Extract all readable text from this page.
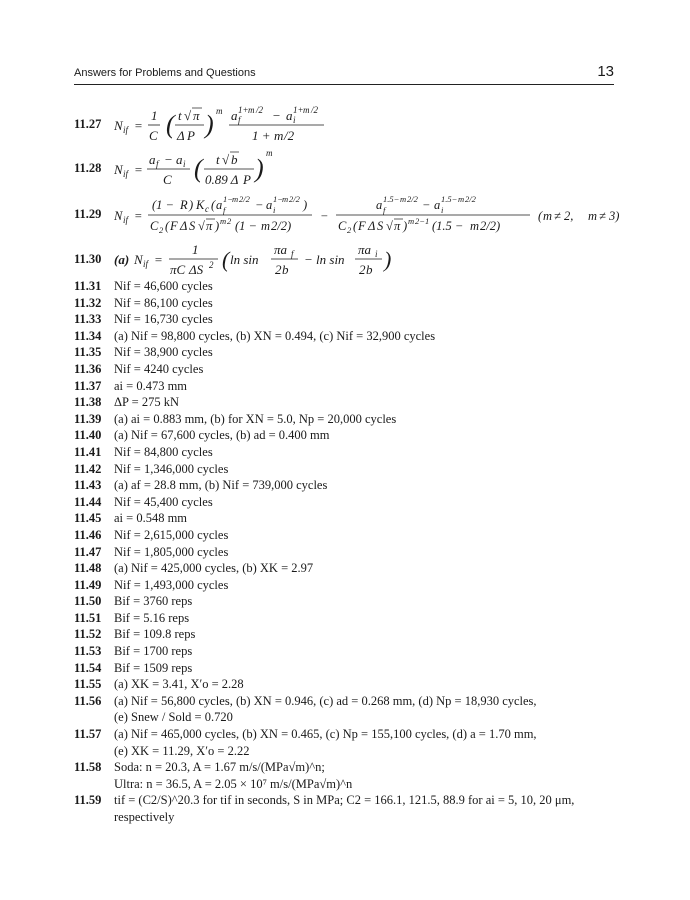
Answers for Problems and Questions	13
11.27 N if =
1
C ( t √ π
Δ P ) m a 1+ m /2
f − a 1+ m /2
i
1 + m /2
11.28 N if =
a f − a i
C ( t √ b
0.89 Δ P )
m
11.29 N if =
(1 − R ) K c ( a 1− m 2/2
f − a 1− m 2/2
i )
C 2 ( F Δ S √ π ) m 2 (1 − m 2/2)
−
a 1.5− m 2/2
f	− a 1.5− m 2/2
i
C 2 ( F Δ S √ π ) m 2−1 (1.5 − m 2/2)
( m ≠ 2, m ≠ 3)
11.30 (a) N if =
1
πC ΔS 2 ( ln sin
πa f
2 b
− ln sin
πa i
2 b )
11.31	Nif = 46,600 cycles
11.32	Nif = 86,100 cycles
11.33	Nif = 16,730 cycles
11.34	(a) Nif = 98,800 cycles, (b) XN = 0.494, (c) Nif = 32,900 cycles
11.35	Nif = 38,900 cycles
11.36	Nif = 4240 cycles
11.37	ai = 0.473 mm
11.38	ΔP = 275 kN
11.39	(a) ai = 0.883 mm, (b) for XN = 5.0, Np = 20,000 cycles
11.40	(a) Nif = 67,600 cycles, (b) ad = 0.400 mm
11.41	Nif = 84,800 cycles
11.42	Nif = 1,346,000 cycles
11.43	(a) af = 28.8 mm, (b) Nif = 739,000 cycles
11.44	Nif = 45,400 cycles
11.45	ai = 0.548 mm
11.46	Nif = 2,615,000 cycles
11.47	Nif = 1,805,000 cycles
11.48	(a) Nif = 425,000 cycles, (b) XK = 2.97
11.49	Nif = 1,493,000 cycles
11.50	Bif = 3760 reps
11.51	Bif = 5.16 reps
11.52	Bif = 109.8 reps
11.53	Bif = 1700 reps
11.54	Bif = 1509 reps
11.55	(a) XK = 3.41, X′o = 2.28
11.56	(a) Nif = 56,800 cycles, (b) XN = 0.946, (c) ad = 0.268 mm, (d) Np = 18,930 cycles,
(e) Snew / Sold = 0.720
11.57	(a) Nif = 465,000 cycles, (b) XN = 0.465, (c) Np = 155,100 cycles, (d) a = 1.70 mm,
(e) XK = 11.29, X′o = 2.22
11.58	Soda: n = 20.3, A = 1.67 m/s/(MPa√m)^n;
Ultra: n = 36.5, A = 2.05 × 10⁷ m/s/(MPa√m)^n
11.59	tif = (C2/S)^20.3 for tif in seconds, S in MPa; C2 = 166.1, 121.5, 88.9 for ai = 5, 10, 20 μm,
respectively
